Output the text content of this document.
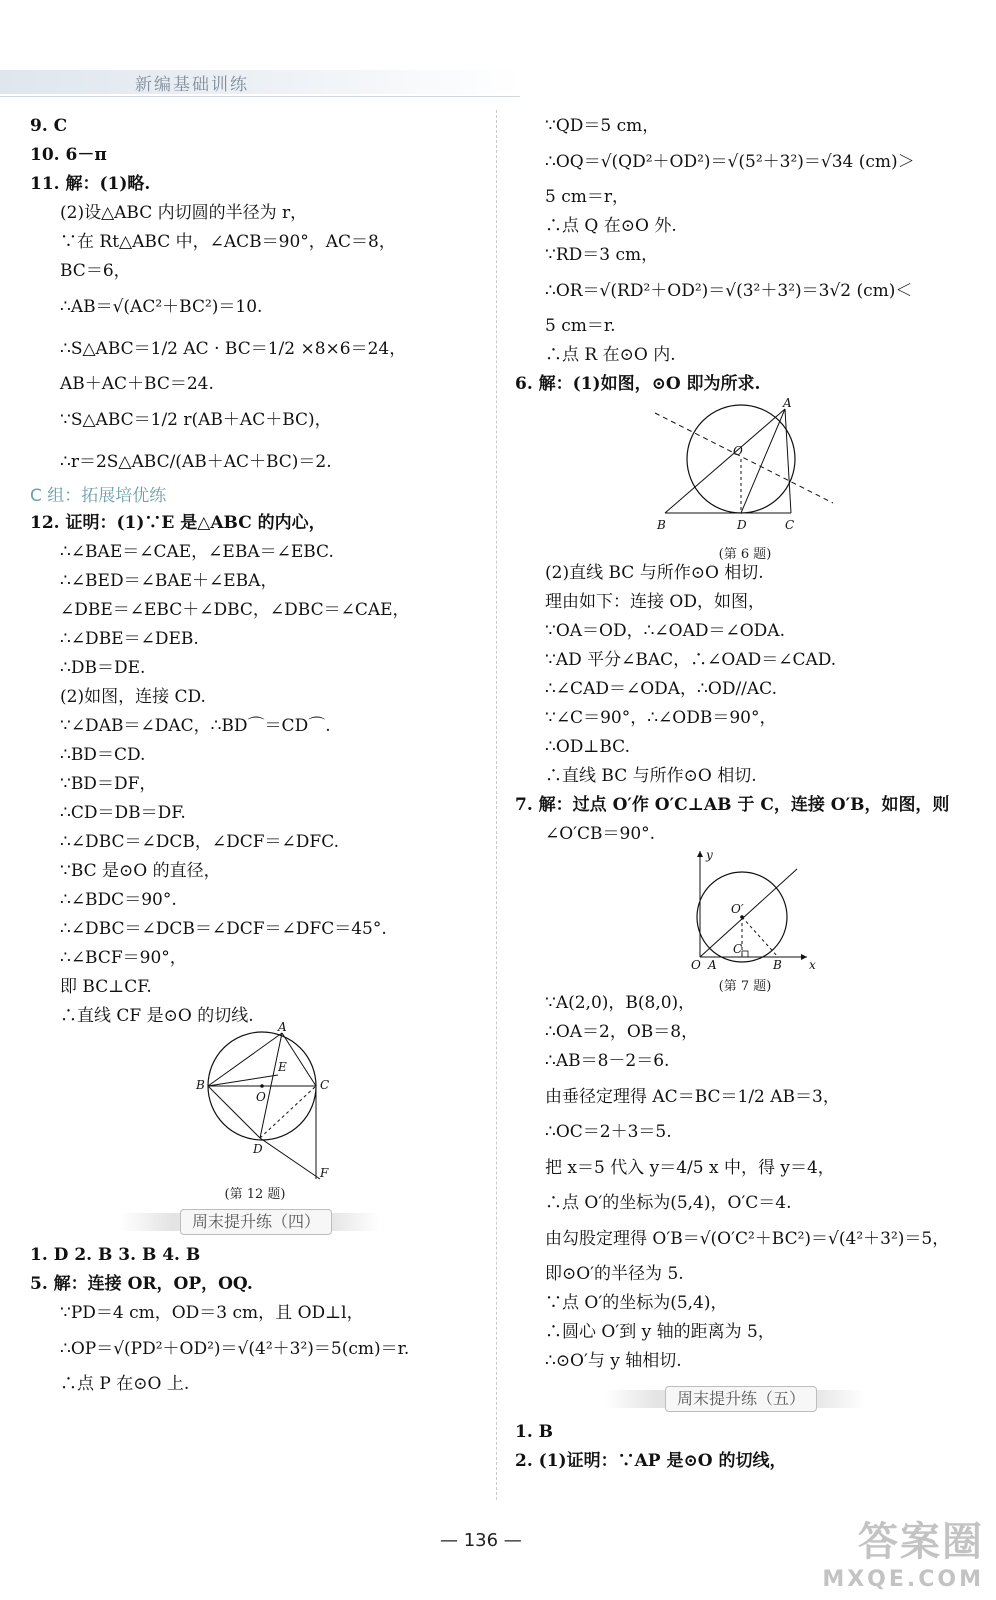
新编基础训练
9. C
10. 6－π
11. 解：(1)略.
(2)设△ABC 内切圆的半径为 r，
∵在 Rt△ABC 中，∠ACB＝90°，AC＝8，
BC＝6，
∴AB＝√(AC²＋BC²)＝10.
∴S△ABC＝1/2 AC · BC＝1/2 ×8×6＝24，
AB＋AC＋BC＝24.
∵S△ABC＝1/2 r(AB＋AC＋BC)，
∴r＝2S△ABC/(AB＋AC＋BC)＝2.
C 组：拓展培优练
12. 证明：(1)∵E 是△ABC 的内心，
∴∠BAE＝∠CAE，∠EBA＝∠EBC.
∴∠BED＝∠BAE＋∠EBA，
∠DBE＝∠EBC＋∠DBC，∠DBC＝∠CAE，
∴∠DBE＝∠DEB.
∴DB＝DE.
(2)如图，连接 CD.
∵∠DAB＝∠DAC，∴BD⌒＝CD⌒.
∴BD＝CD.
∵BD＝DF，
∴CD＝DB＝DF.
∴∠DBC＝∠DCB，∠DCF＝∠DFC.
∵BC 是⊙O 的直径，
∴∠BDC＝90°.
∴∠DBC＝∠DCB＝∠DCF＝∠DFC＝45°.
∴∠BCF＝90°，
即 BC⊥CF.
∴直线 CF 是⊙O 的切线.
A
B	C
D
E
O
F
(第 12 题)
周末提升练（四）
1. D 2. B 3. B 4. B
5. 解：连接 OR，OP，OQ.
∵PD＝4 cm，OD＝3 cm，且 OD⊥l，
∴OP＝√(PD²＋OD²)＝√(4²＋3²)＝5(cm)＝r.
∴点 P 在⊙O 上.
∵QD＝5 cm，
∴OQ＝√(QD²＋OD²)＝√(5²＋3²)＝√34 (cm)＞
5 cm＝r，
∴点 Q 在⊙O 外.
∵RD＝3 cm，
∴OR＝√(RD²＋OD²)＝√(3²＋3²)＝3√2 (cm)＜
5 cm＝r.
∴点 R 在⊙O 内.
6. 解：(1)如图，⊙O 即为所求.
A
B	C
D
O
(第 6 题)
(2)直线 BC 与所作⊙O 相切.
理由如下：连接 OD，如图，
∵OA＝OD，∴∠OAD＝∠ODA.
∵AD 平分∠BAC，∴∠OAD＝∠CAD.
∴∠CAD＝∠ODA，∴OD//AC.
∵∠C＝90°，∴∠ODB＝90°，
∴OD⊥BC.
∴直线 BC 与所作⊙O 相切.
7. 解：过点 O′作 O′C⊥AB 于 C，连接 O′B，如图，则
∠O′CB＝90°.
y
x
O A	B
C
O′
(第 7 题)
∵A(2,0)，B(8,0)，
∴OA＝2，OB＝8，
∴AB＝8－2＝6.
由垂径定理得 AC＝BC＝1/2 AB＝3，
∴OC＝2＋3＝5.
把 x＝5 代入 y＝4/5 x 中，得 y＝4，
∴点 O′的坐标为(5,4)，O′C＝4.
由勾股定理得 O′B＝√(O′C²＋BC²)＝√(4²＋3²)＝5，
即⊙O′的半径为 5.
∵点 O′的坐标为(5,4)，
∴圆心 O′到 y 轴的距离为 5，
∴⊙O′与 y 轴相切.
周末提升练（五）
1. B
2. (1)证明：∵AP 是⊙O 的切线，
— 136 —	答案圈
MXQE.COM
